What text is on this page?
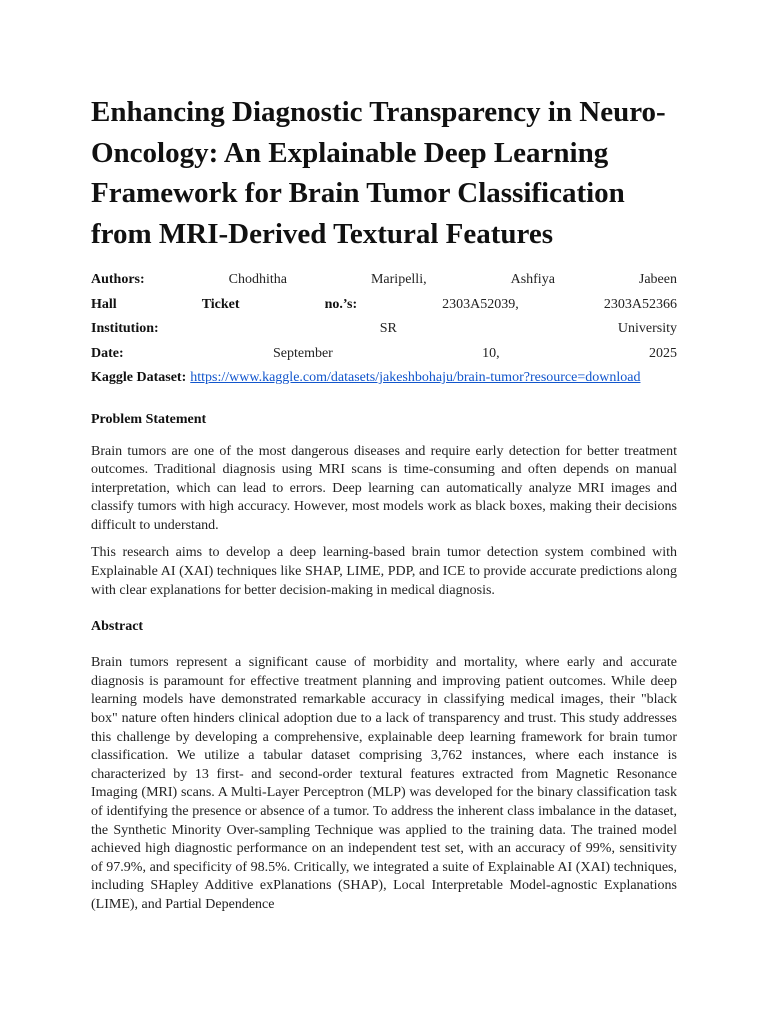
Enhancing Diagnostic Transparency in Neuro-Oncology: An Explainable Deep Learning Framework for Brain Tumor Classification from MRI-Derived Textural Features
Authors:	Chodhitha	Maripelli,	Ashfiya	Jabeen
Hall	Ticket	no.’s:	2303A52039,	2303A52366
Institution:	SR	University
Date:	September	10,	2025
Kaggle Dataset: https://www.kaggle.com/datasets/jakeshbohaju/brain-tumor?resource=download
Problem Statement

Brain tumors are one of the most dangerous diseases and require early detection for better treatment outcomes. Traditional diagnosis using MRI scans is time-consuming and often depends on manual interpretation, which can lead to errors. Deep learning can automatically analyze MRI images and classify tumors with high accuracy. However, most models work as black boxes, making their decisions difficult to understand.

This research aims to develop a deep learning-based brain tumor detection system combined with Explainable AI (XAI) techniques like SHAP, LIME, PDP, and ICE to provide accurate predictions along with clear explanations for better decision-making in medical diagnosis.

Abstract

Brain tumors represent a significant cause of morbidity and mortality, where early and accurate diagnosis is paramount for effective treatment planning and improving patient outcomes. While deep learning models have demonstrated remarkable accuracy in classifying medical images, their "black box" nature often hinders clinical adoption due to a lack of transparency and trust. This study addresses this challenge by developing a comprehensive, explainable deep learning framework for brain tumor classification. We utilize a tabular dataset comprising 3,762 instances, where each instance is characterized by 13 first- and second-order textural features extracted from Magnetic Resonance Imaging (MRI) scans. A Multi-Layer Perceptron (MLP) was developed for the binary classification task of identifying the presence or absence of a tumor. To address the inherent class imbalance in the dataset, the Synthetic Minority Over-sampling Technique was applied to the training data. The trained model achieved high diagnostic performance on an independent test set, with an accuracy of 99%, sensitivity of 97.9%, and specificity of 98.5%. Critically, we integrated a suite of Explainable AI (XAI) techniques, including SHapley Additive exPlanations (SHAP), Local Interpretable Model-agnostic Explanations (LIME), and Partial Dependence
